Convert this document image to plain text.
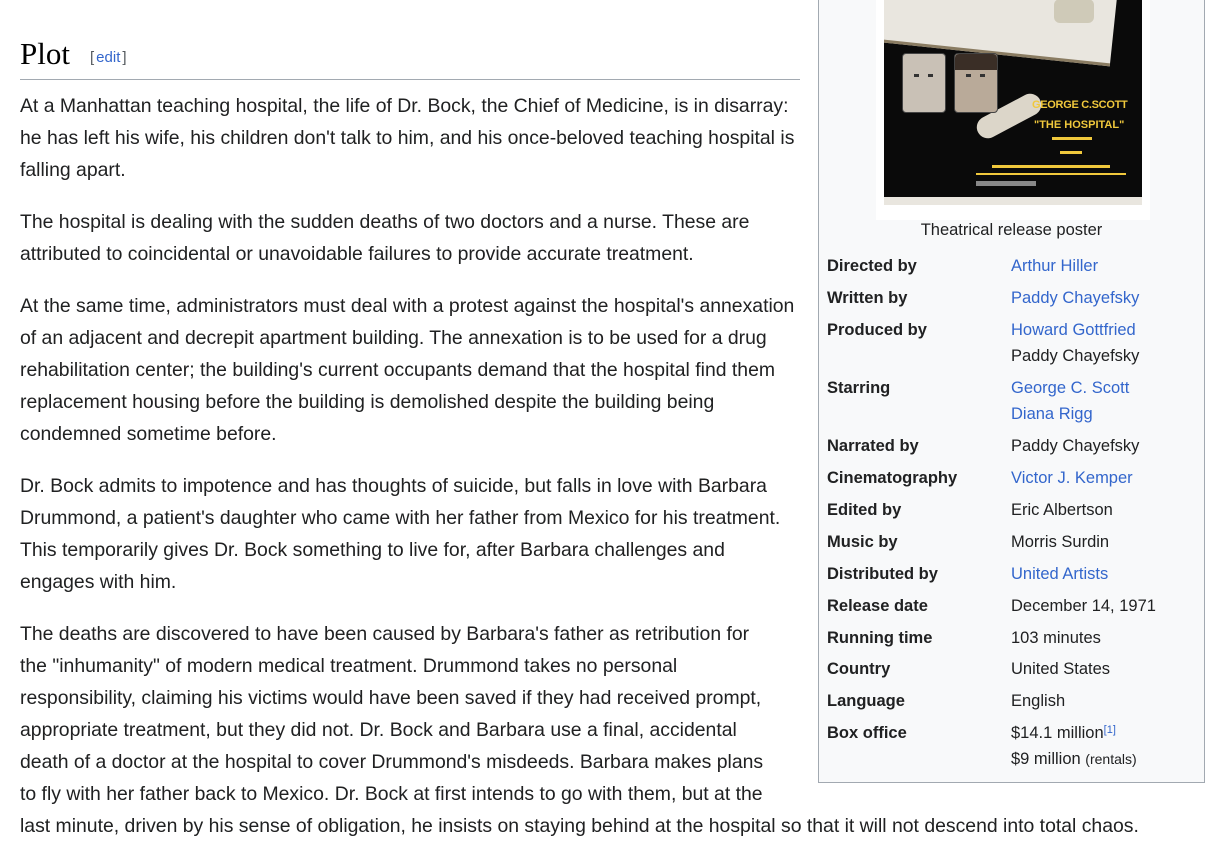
Plot [ edit ]

At a Manhattan teaching hospital, the life of Dr. Bock, the Chief of Medicine, is in disarray: he has left his wife, his children don't talk to him, and his once-beloved teaching hospital is falling apart.

The hospital is dealing with the sudden deaths of two doctors and a nurse. These are attributed to coincidental or unavoidable failures to provide accurate treatment.

At the same time, administrators must deal with a protest against the hospital's annexation of an adjacent and decrepit apartment building. The annexation is to be used for a drug rehabilitation center; the building's current occupants demand that the hospital find them replacement housing before the building is demolished despite the building being condemned sometime before.

Dr. Bock admits to impotence and has thoughts of suicide, but falls in love with Barbara Drummond, a patient's daughter who came with her father from Mexico for his treatment. This temporarily gives Dr. Bock something to live for, after Barbara challenges and engages with him.

The deaths are discovered to have been caused by Barbara's father as retribution for
the "inhumanity" of modern medical treatment. Drummond takes no personal
responsibility, claiming his victims would have been saved if they had received prompt,
appropriate treatment, but they did not. Dr. Bock and Barbara use a final, accidental
death of a doctor at the hospital to cover Drummond's misdeeds. Barbara makes plans
to fly with her father back to Mexico. Dr. Bock at first intends to go with them, but at the
last minute, driven by his sense of obligation, he insists on staying behind at the hospital so that it will not descend into total chaos.

GEORGE C.SCOTT
"THE HOSPITAL"
Theatrical release poster
Directed by	Arthur Hiller
Written by	Paddy Chayefsky
Produced by	Howard Gottfried
Paddy Chayefsky
Starring	George C. Scott
Diana Rigg
Narrated by	Paddy Chayefsky
Cinematography	Victor J. Kemper
Edited by	Eric Albertson
Music by	Morris Surdin
Distributed by	United Artists
Release date	December 14, 1971
Running time	103 minutes
Country	United States
Language	English
Box office	$14.1 million[1]
$9 million (rentals)
